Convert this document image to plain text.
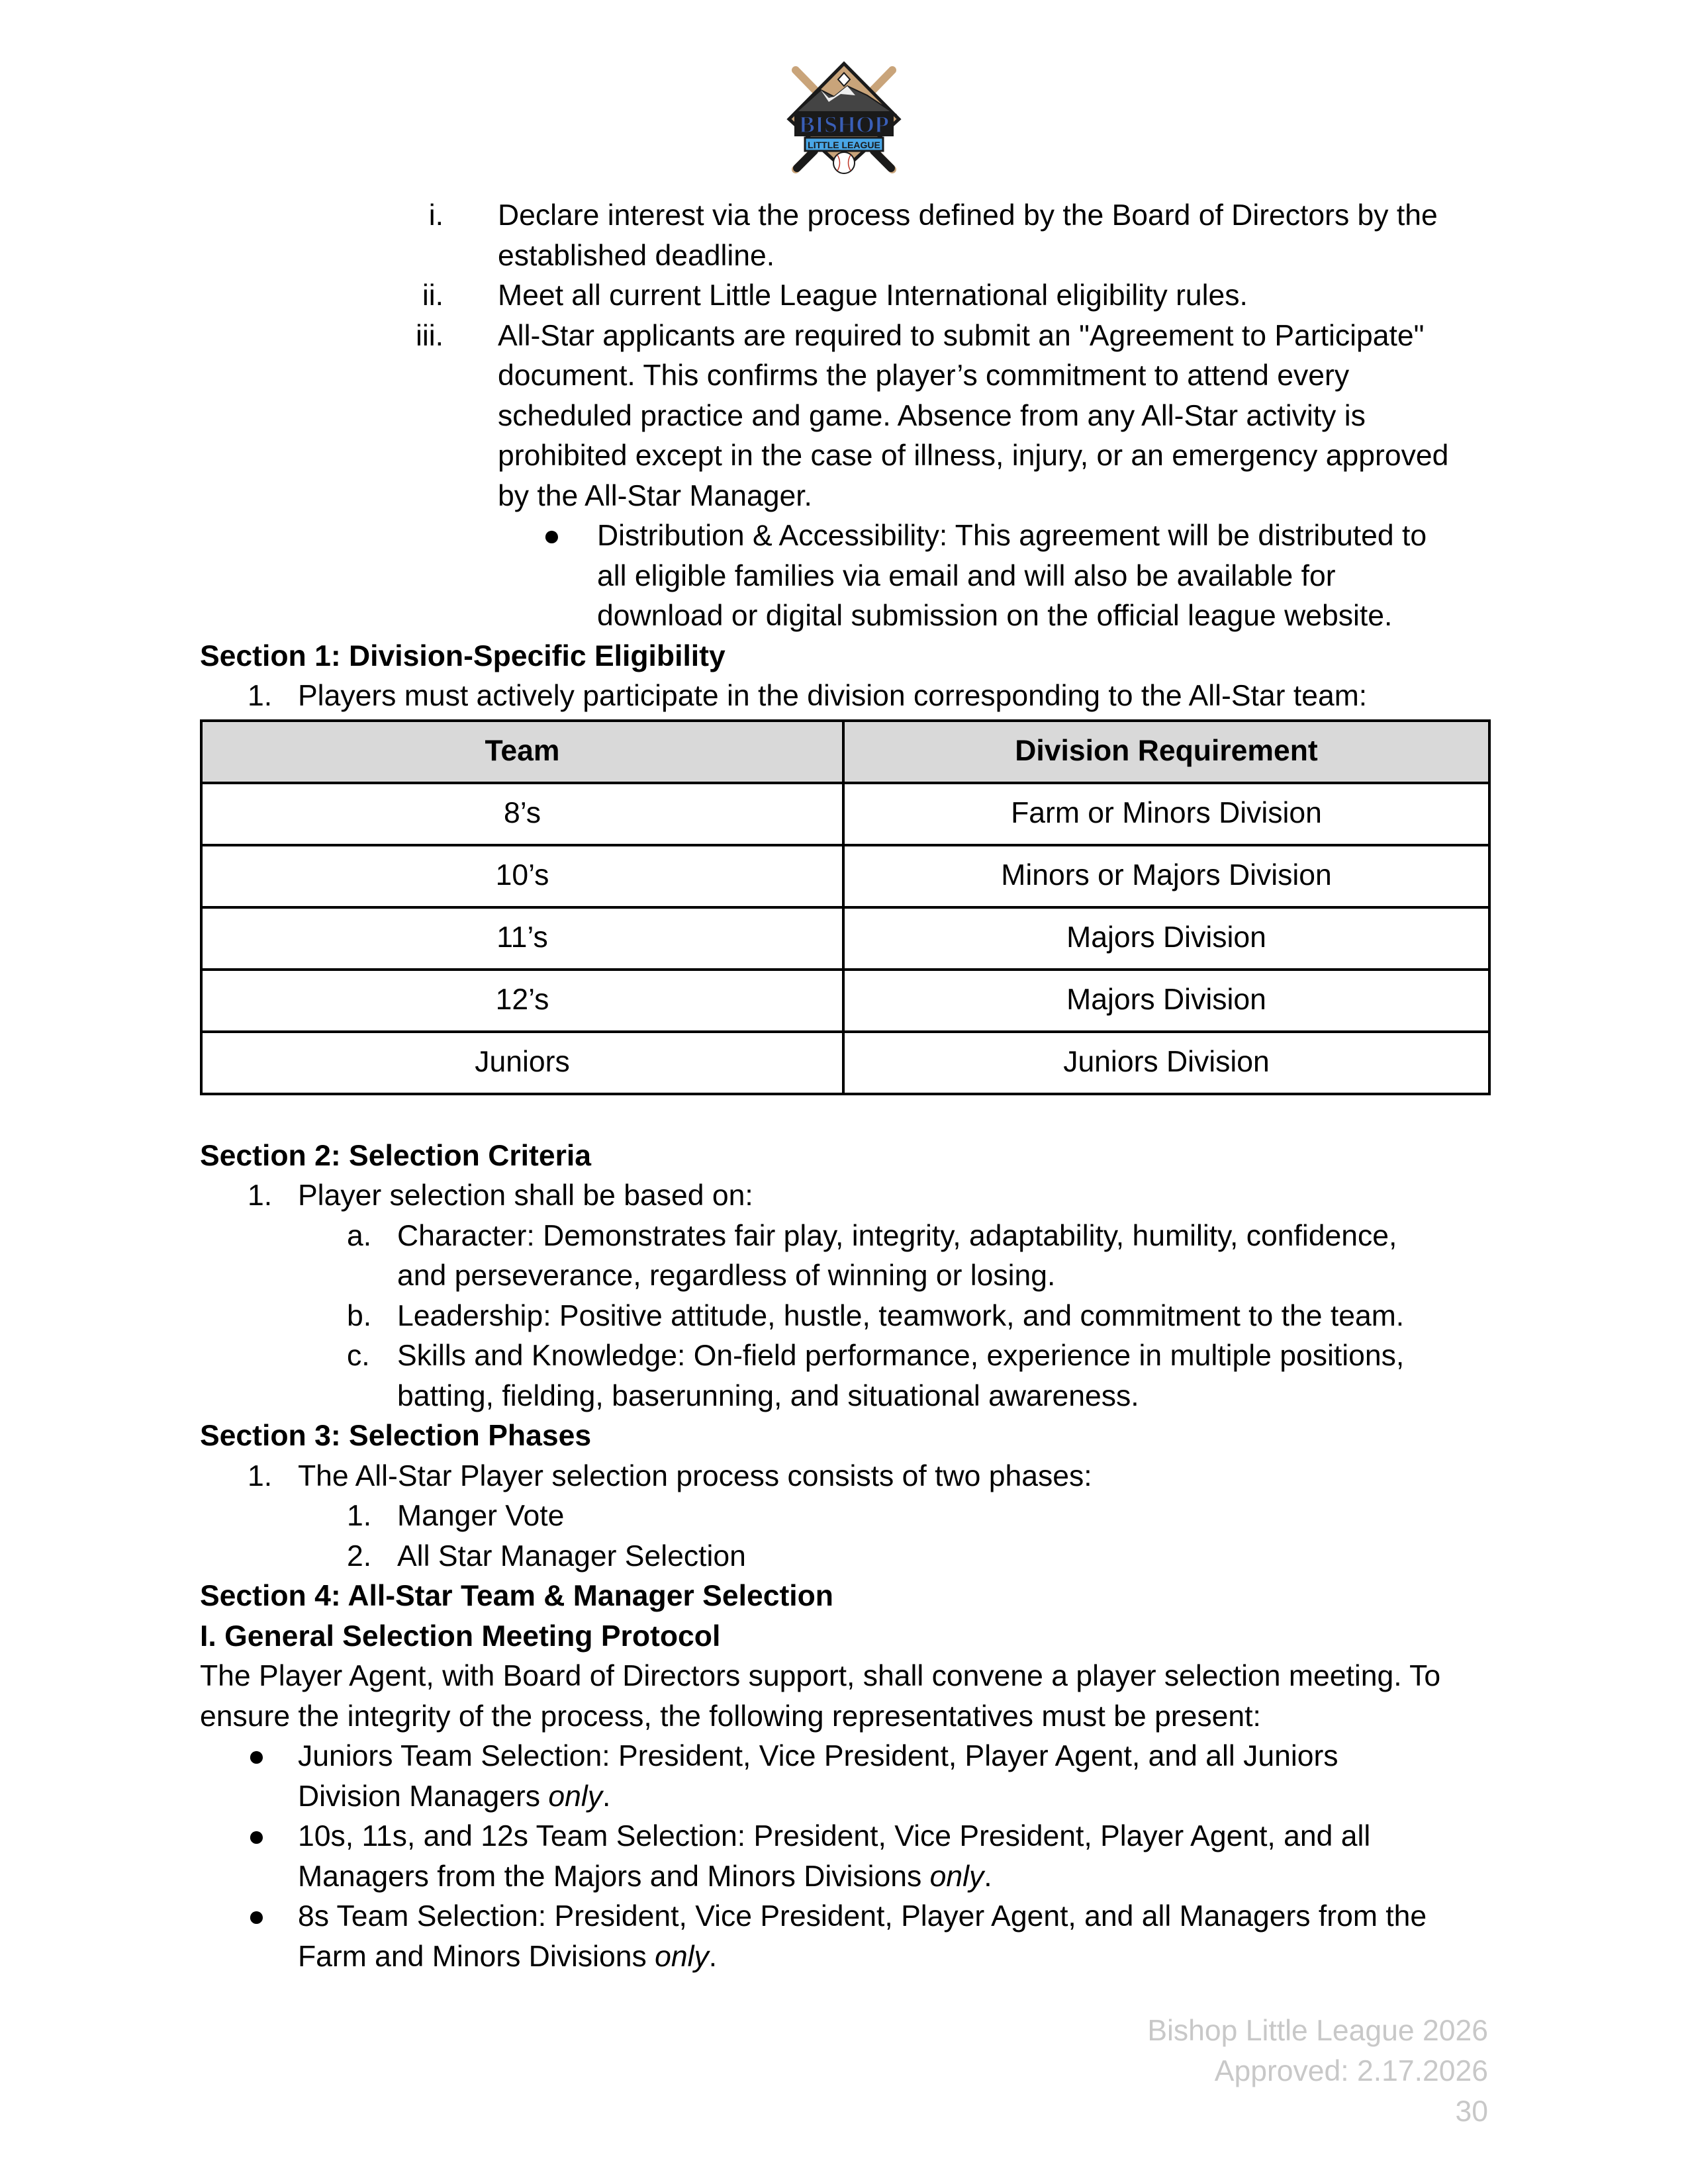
BISHOP
LITTLE LEAGUE
i. Declare interest via the process defined by the Board of Directors by the
established deadline.
ii. Meet all current Little League International eligibility rules.
iii. All-Star applicants are required to submit an "Agreement to Participate"
document. This confirms the player’s commitment to attend every
scheduled practice and game. Absence from any All-Star activity is
prohibited except in the case of illness, injury, or an emergency approved
by the All-Star Manager.
● Distribution & Accessibility: This agreement will be distributed to
all eligible families via email and will also be available for
download or digital submission on the official league website.
Section 1: Division-Specific Eligibility
1. Players must actively participate in the division corresponding to the All-Star team:
Team	Division Requirement
8’s	Farm or Minors Division
10’s	Minors or Majors Division
11’s	Majors Division
12’s	Majors Division
Juniors	Juniors Division
Section 2: Selection Criteria
1. Player selection shall be based on:
a. Character: Demonstrates fair play, integrity, adaptability, humility, confidence,
and perseverance, regardless of winning or losing.
b. Leadership: Positive attitude, hustle, teamwork, and commitment to the team.
c. Skills and Knowledge: On-field performance, experience in multiple positions,
batting, fielding, baserunning, and situational awareness.
Section 3: Selection Phases
1. The All-Star Player selection process consists of two phases:
1. Manger Vote
2. All Star Manager Selection
Section 4: All-Star Team & Manager Selection
I. General Selection Meeting Protocol
The Player Agent, with Board of Directors support, shall convene a player selection meeting. To
ensure the integrity of the process, the following representatives must be present:
● Juniors Team Selection: President, Vice President, Player Agent, and all Juniors
Division Managers only.
● 10s, 11s, and 12s Team Selection: President, Vice President, Player Agent, and all
Managers from the Majors and Minors Divisions only.
● 8s Team Selection: President, Vice President, Player Agent, and all Managers from the
Farm and Minors Divisions only.
Bishop Little League 2026
Approved: 2.17.2026
30
